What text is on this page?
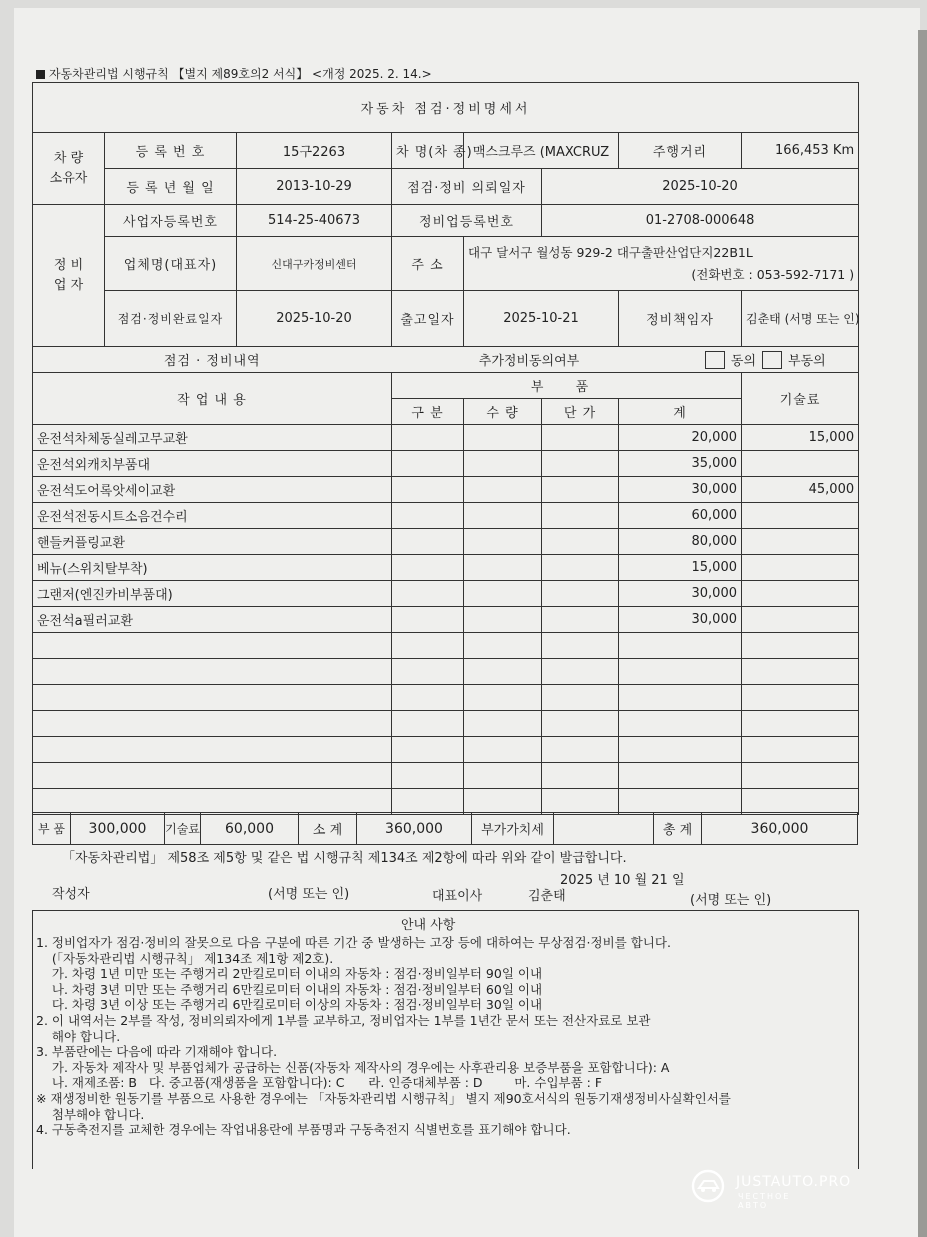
자동차관리법 시행규칙 【별지 제89호의2 서식】 <개정 2025. 2. 14.>
자동차 점검·정비명세서								
차 량
소유자	등 록 번 호	15구2263	차 명(차 종)	맥스크루즈 (MAXCRUZ		주행거리		166,453 Km
	등 록 년 월 일	2013-10-29	점검·정비 의뢰일자		2025-10-20			
정 비
업 자	사업자등록번호	514-25-40673	정비업등록번호		01-2708-000648			
	업체명(대표자)	신대구카정비센터	주 소	대구 달서구 월성동 929-2 대구출판산업단지22B1L
(전화번호 : 053-592-7171 )				

	점검·정비완료일자	2025-10-20	출고일자	2025-10-21		정비책임자		김춘태 (서명 또는 인)
점검 · 정비내역			추가정비동의여부				동의 부동의	
작 업 내 용			부 품					기술료
			구 분	수 량	단 가	계		
운전석차체동실레고무교환						20,000		15,000
운전석외캐치부품대						35,000		
운전석도어록앗세이교환						30,000		45,000
운전석전동시트소음건수리						60,000		
핸들커플링교환						80,000		
베뉴(스위치탈부착)						15,000		
그랜저(엔진카비부품대)						30,000		
운전석a필러교환						30,000		

부 품	300,000	기술료	60,000	소 계	360,000	부가가치세		총 계	360,000
「자동차관리법」 제58조 제5항 및 같은 법 시행규칙 제134조 제2항에 따라 위와 같이 발급합니다.
2025 년 10 월 21 일
작성자	(서명 또는 인)	대표이사	김춘태	(서명 또는 인)
안내 사항
1. 정비업자가 점검·정비의 잘못으로 다음 구분에 따른 기간 중 발생하는 고장 등에 대하여는 무상점검·정비를 합니다.
(「자동차관리법 시행규칙」 제134조 제1항 제2호).
가. 차령 1년 미만 또는 주행거리 2만킬로미터 이내의 자동차 : 점검·정비일부터 90일 이내
나. 차령 3년 미만 또는 주행거리 6만킬로미터 이내의 자동차 : 점검·정비일부터 60일 이내
다. 차령 3년 이상 또는 주행거리 6만킬로미터 이상의 자동차 : 점검·정비일부터 30일 이내
2. 이 내역서는 2부를 작성, 정비의뢰자에게 1부를 교부하고, 정비업자는 1부를 1년간 문서 또는 전산자료로 보관
해야 합니다.
3. 부품란에는 다음에 따라 기재해야 합니다.
가. 자동차 제작사 및 부품업체가 공급하는 신품(자동차 제작사의 경우에는 사후관리용 보증부품을 포함합니다): A
나. 재제조품: B   다. 중고품(재생품을 포함합니다): C      라. 인증대체부품 : D        마. 수입부품 : F
※ 재생정비한 원동기를 부품으로 사용한 경우에는 「자동차관리법 시행규칙」 별지 제90호서식의 원동기재생정비사실확인서를
첨부해야 합니다.
4. 구동축전지를 교체한 경우에는 작업내용란에 부품명과 구동축전지 식별번호를 표기해야 합니다.
JUSTAUTO.PRO
ЧЕСТНОЕ АВТО
